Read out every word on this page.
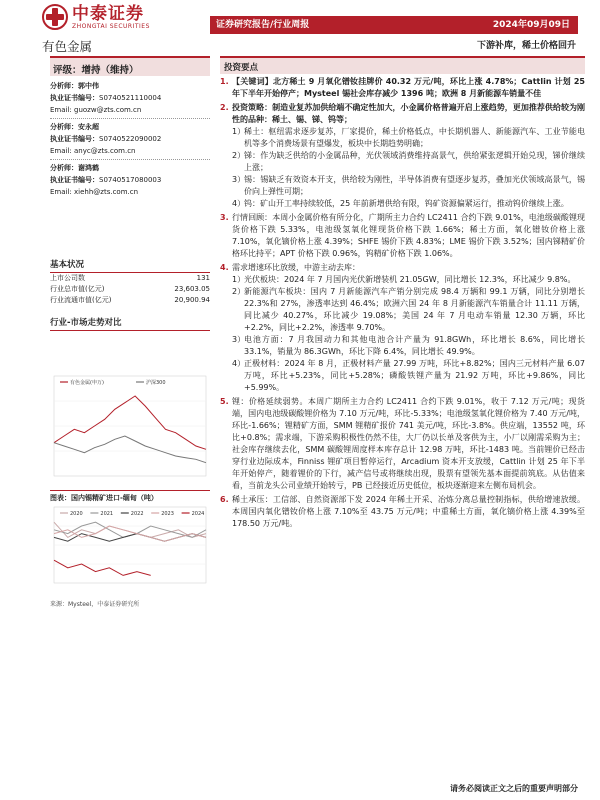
中泰证券
ZHONGTAI SECURITIES
有色金属
证券研究报告/行业周报	2024年09月09日
下游补库，稀土价格回升
评级：增持（维持）
分析师：郭中伟
执业证书编号：S0740521110004
Email: guozw@zts.com.cn
分析师：安永超
执业证书编号：S0740522090002
Email: anyc@zts.com.cn
分析师：谢鸿鹤
执业证书编号：S0740517080003
Email: xiehh@zts.com.cn
基本状况
上市公司数	131
行业总市值(亿元)	23,603.05
行业流通市值(亿元)	20,900.94
行业-市场走势对比
有色金属(申万)	沪深300
图表：国内锡精矿进口-缅甸（吨）
2020	2021	2022	2023	2024
来源：Mysteel，中泰证券研究所
投资要点
1. 【关键词】北方稀土 9 月氧化镨钕挂牌价 40.32 万元/吨，环比上涨 4.78%；Cattlin 计划 25 年下半年开始停产；Mysteel 锡社会库存减少 1396 吨；欧洲 8 月新能源车销量不佳
2. 投资策略：制造业复苏加供给端不确定性加大，小金属价格普遍开启上涨趋势，更加推荐供给较为刚性的品种：稀土、锡、锑、钨等；
1）
稀土：枢纽需求逐步复苏，厂家提价，稀土价格低点，中长期机器人、新能源汽车、工业节能电机等多个消费场景有望爆发，板块中长期趋势明确；
2）
锑：作为缺乏供给的小金属品种，光伏领域消费维持高景气，供给紧张逻辑开始兑现，锑价继续上涨；
3）
锡：锡缺乏有效资本开支，供给较为刚性，半导体消费有望逐步复苏，叠加光伏领域高景气，锡价向上弹性可期；
4）
钨：矿山开工率持续较低，25 年前新增供给有限，钨矿资源偏紧运行，推动钨价继续上涨。
3. 行情回顾：本周小金属价格有所分化，广期所主力合约 LC2411 合约下跌 9.01%，电池级碳酸锂现货价格下跌 5.33%，电池级氢氧化锂现货价格下跌 1.66%；稀土方面，氧化镨钕价格上涨 7.10%，氧化镝价格上涨 4.39%；SHFE 锡价下跌 4.83%；LME 锡价下跌 3.52%；国内锑精矿价格环比持平；APT 价格下跌 0.96%，钨精矿价格下跌 1.06%。
4. 需求增速环比放缓，中游主动去库：
1）
光伏板块：2024 年 7 月国内光伏新增装机 21.05GW，同比增长 12.3%，环比减少 9.8%。
2）
新能源汽车板块：国内 7 月新能源汽车产销分别完成 98.4 万辆和 99.1 万辆，同比分别增长 22.3%和 27%，渗透率达到 46.4%；欧洲六国 24 年 8 月新能源汽车销量合计 11.11 万辆，同比减少 40.27%，环比减少 19.08%；美国 24 年 7 月电动车销量 12.30 万辆，环比+2.2%，同比+2.2%，渗透率 9.70%。
3）
电池方面：7 月我国动力和其他电池合计产量为 91.8GWh，环比增长 8.6%，同比增长 33.1%，销量为 86.3GWh，环比下降 6.4%，同比增长 49.9%。
4）
正极材料：2024 年 8 月，正极材料产量 27.99 万吨，环比+8.82%；国内三元材料产量 6.07 万吨，环比+5.23%，同比+5.28%；磷酸铁锂产量为 21.92 万吨，环比+9.86%，同比+5.99%。
5. 锂：价格延续弱势。本周广期所主力合约 LC2411 合约下跌 9.01%，收于 7.12 万元/吨；现货端，国内电池级碳酸锂价格为 7.10 万元/吨，环比-5.33%；电池级氢氧化锂价格为 7.40 万元/吨，环比-1.66%；锂精矿方面，SMM 锂精矿报价 741 美元/吨，环比-3.8%。供应端，13552 吨，环比+0.8%；需求端，下游采购积极性仍然不佳，大厂仍以长单及客供为主，小厂以刚需采购为主；社会库存继续去化，SMM 碳酸锂周度样本库存总计 12.98 万吨，环比-1483 吨。当前锂价已经击穿行业边际成本，Finniss 锂矿项目暂停运行，Arcadium 资本开支放缓，Cattlin 计划 25 年下半年开始停产，随着锂价的下行，减产信号或将继续出现，股票有望领先基本面提前筑底。从估值来看，当前龙头公司业绩开始转亏，PB 已经接近历史低位，板块逐渐迎来左侧布局机会。
6. 稀土承压：工信部、自然资源部下发 2024 年稀土开采、冶炼分离总量控制指标，供给增速放缓。本周国内氧化镨钕价格上涨 7.10%至 43.75 万元/吨；中重稀土方面，氧化镝价格上涨 4.39%至 178.50 万元/吨。
请务必阅读正文之后的重要声明部分
